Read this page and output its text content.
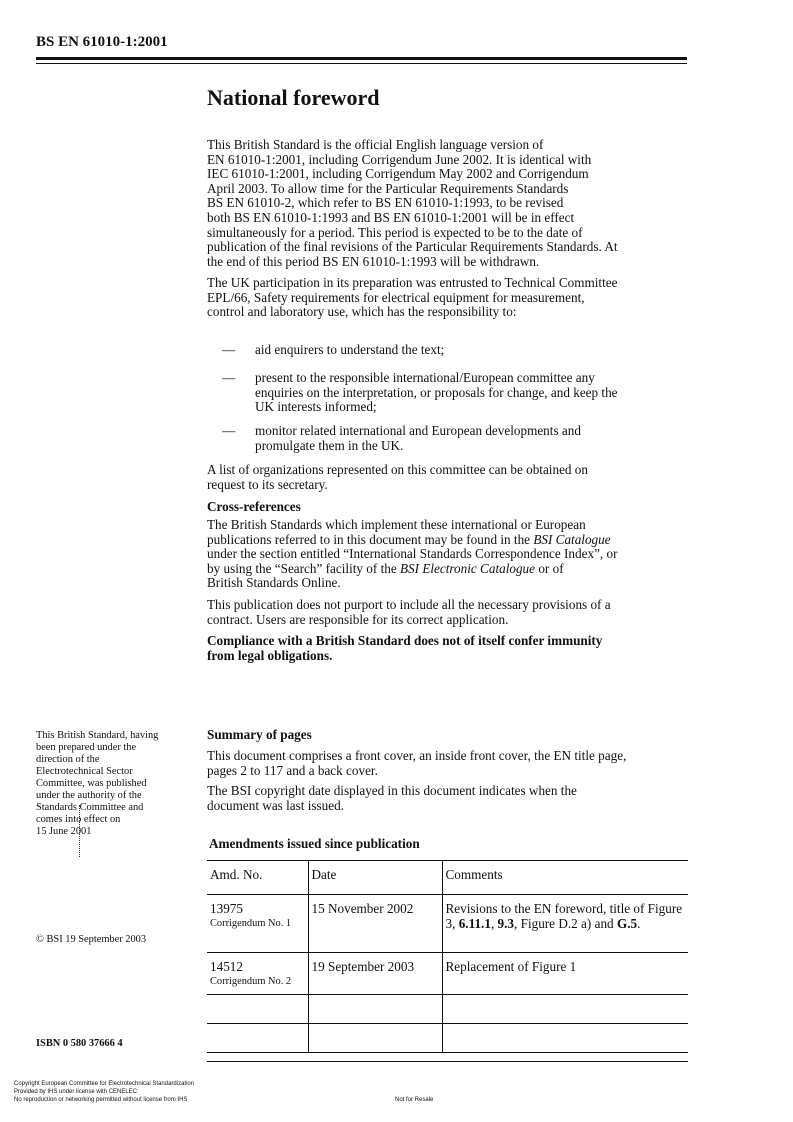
BS EN 61010-1:2001
National foreword
This British Standard is the official English language version of
EN 61010-1:2001, including Corrigendum June 2002. It is identical with
IEC 61010-1:2001, including Corrigendum May 2002 and Corrigendum
April 2003. To allow time for the Particular Requirements Standards
BS EN 61010-2, which refer to BS EN 61010-1:1993, to be revised
both BS EN 61010-1:1993 and BS EN 61010-1:2001 will be in effect
simultaneously for a period. This period is expected to be to the date of
publication of the final revisions of the Particular Requirements Standards. At
the end of this period BS EN 61010-1:1993 will be withdrawn.
The UK participation in its preparation was entrusted to Technical Committee
EPL/66, Safety requirements for electrical equipment for measurement,
control and laboratory use, which has the responsibility to:
— aid enquirers to understand the text;
— present to the responsible international/European committee any
enquiries on the interpretation, or proposals for change, and keep the
UK interests informed;
— monitor related international and European developments and
promulgate them in the UK.
A list of organizations represented on this committee can be obtained on
request to its secretary.
Cross-references
The British Standards which implement these international or European
publications referred to in this document may be found in the BSI Catalogue
under the section entitled “International Standards Correspondence Index”, or
by using the “Search” facility of the BSI Electronic Catalogue or of
British Standards Online.
This publication does not purport to include all the necessary provisions of a
contract. Users are responsible for its correct application.
Compliance with a British Standard does not of itself confer immunity
from legal obligations.
This British Standard, having
been prepared under the
direction of the
Electrotechnical Sector
Committee, was published
under the authority of the
Standards Committee and
comes into effect on
15 June 2001
© BSI 19 September 2003
ISBN 0 580 37666 4
Summary of pages
This document comprises a front cover, an inside front cover, the EN title page,
pages 2 to 117 and a back cover.
The BSI copyright date displayed in this document indicates when the
document was last issued.
Amendments issued since publication
Amd. No.	Date	Comments
13975
Corrigendum No. 1	15 November 2002	Revisions to the EN foreword, title of Figure 3, 6.11.1, 9.3, Figure D.2 a) and G.5.
14512
Corrigendum No. 2	19 September 2003	Replacement of Figure 1

Copyright European Committee for Electrotechnical Standardization
Provided by IHS under license with CENELEC
No reproduction or networking permitted without license from IHS	Not for Resale
